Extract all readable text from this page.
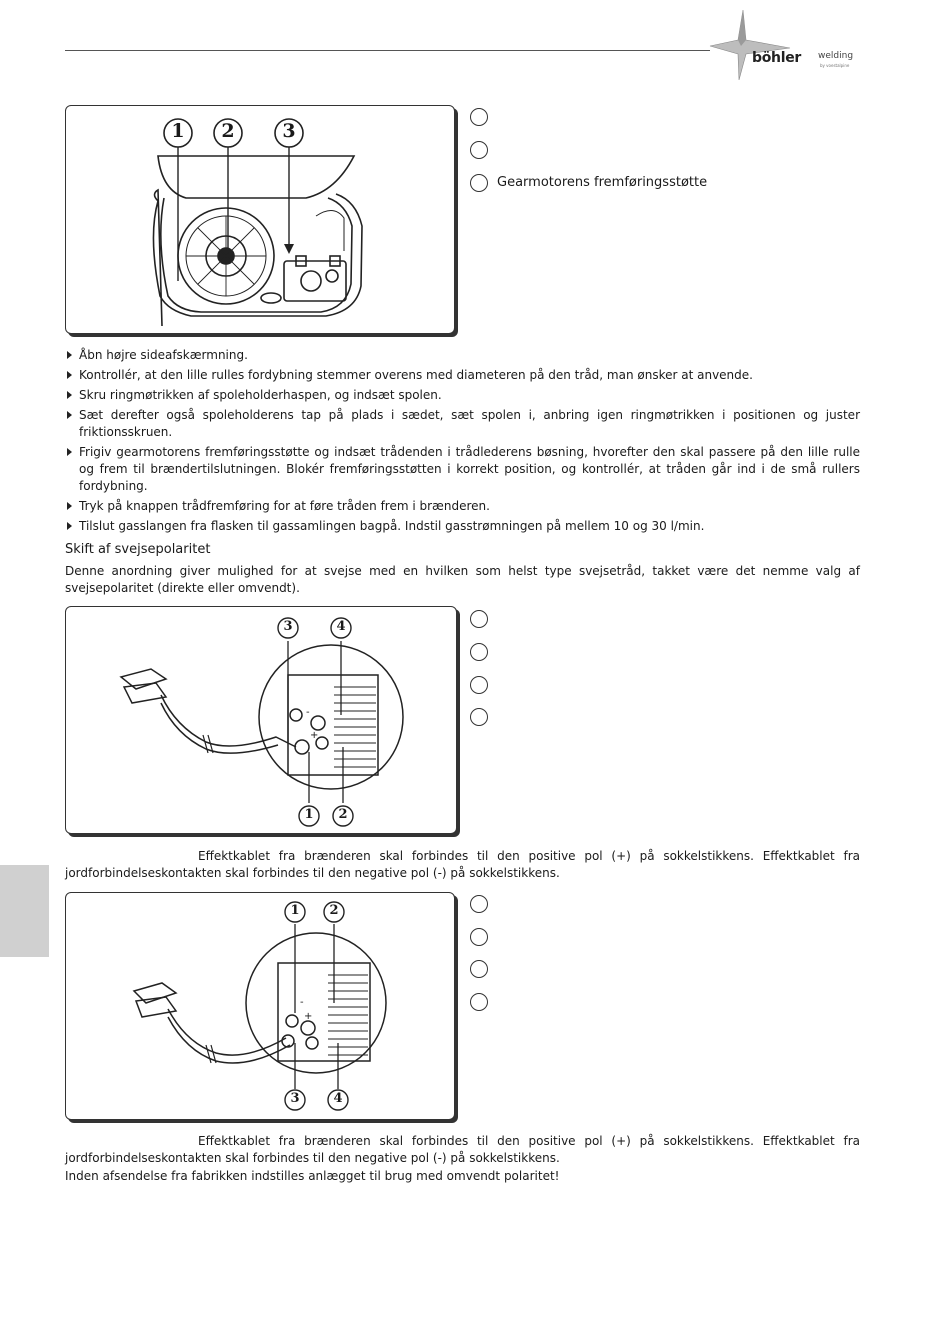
böhler welding
by voestalpine
1 2	3
Gearmotorens fremføringsstøtte
Åbn højre sideafskærmning.
Kontrollér, at den lille rulles fordybning stemmer overens med diameteren på den tråd, man ønsker at anvende.
Skru ringmøtrikken af spoleholderhaspen, og indsæt spolen.
Sæt derefter også spoleholderens tap på plads i sædet, sæt spolen i, anbring igen ringmøtrikken i positionen og juster friktionsskruen.
Frigiv gearmotorens fremføringsstøtte og indsæt trådenden i trådlederens bøsning, hvorefter den skal passere på den lille rulle og frem til brændertilslutningen. Blokér fremføringsstøtten i korrekt position, og kontrollér, at tråden går ind i de små rullers fordybning.
Tryk på knappen trådfremføring for at føre tråden frem i brænderen.
Tilslut gasslangen fra flasken til gassamlingen bagpå. Indstil gasstrømningen på mellem 10 og 30 l/min.
Skift af svejsepolaritet
Denne anordning giver mulighed for at svejse med en hvilken som helst type svejsetråd, takket være det nemme valg af svejsepolaritet (direkte eller omvendt).
3	4
1 2
-
+
Effektkablet fra brænderen skal forbindes til den positive pol (+) på sokkelstikkens. Effektkablet fra jordforbindelseskontakten skal forbindes til den negative pol (-) på sokkelstikkens.
1 2
3	4
-
+
Effektkablet fra brænderen skal forbindes til den positive pol (+) på sokkelstikkens. Effektkablet fra jordforbindelseskontakten skal forbindes til den negative pol (-) på sokkelstikkens.
Inden afsendelse fra fabrikken indstilles anlægget til brug med omvendt polaritet!
